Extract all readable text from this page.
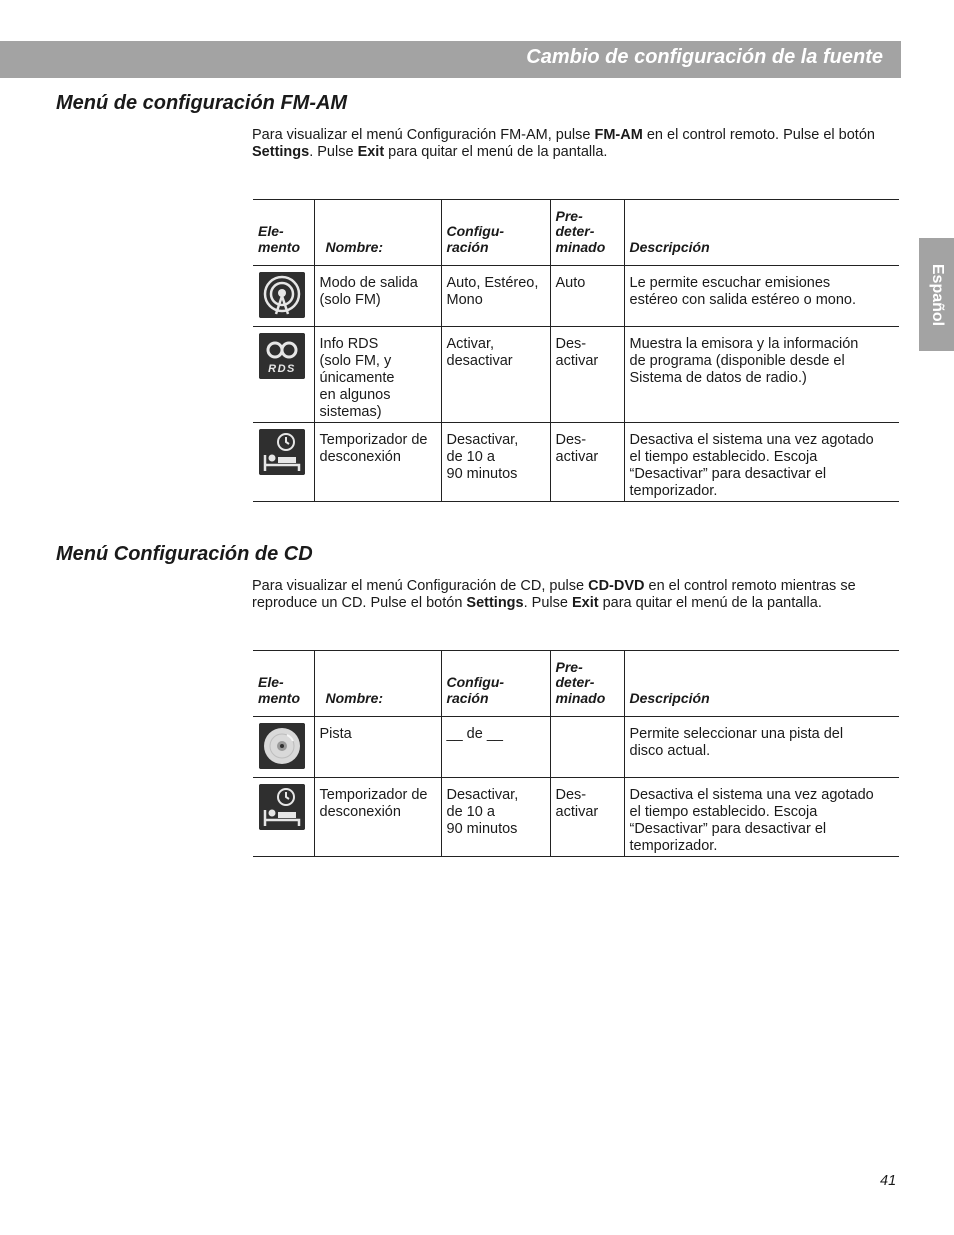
Cambio de configuración de la fuente
Español
Menú de configuración FM-AM

Para visualizar el menú Configuración FM-AM, pulse FM-AM en el control remoto. Pulse el botón Settings. Pulse Exit para quitar el menú de la pantalla.

Ele-
mento	Nombre:	Configu-
ración	Pre-
deter-
minado	Descripción

	Modo de salida
(solo FM)	Auto, Estéreo,
Mono	Auto	Le permite escuchar emisiones
estéreo con salida estéreo o mono.

RDS	Info RDS
(solo FM, y
únicamente
en algunos
sistemas)	Activar,
desactivar	Des-
activar	Muestra la emisora y la información
de programa (disponible desde el
Sistema de datos de radio.)

	Temporizador de
desconexión	Desactivar,
de 10 a
90 minutos	Des-
activar	Desactiva el sistema una vez agotado
el tiempo establecido. Escoja
“Desactivar” para desactivar el
temporizador.
Menú Configuración de CD

Para visualizar el menú Configuración de CD, pulse CD-DVD en el control remoto mientras se reproduce un CD. Pulse el botón Settings. Pulse Exit para quitar el menú de la pantalla.

Ele-
mento	Nombre:	Configu-
ración	Pre-
deter-
minado	Descripción

	Pista	__ de __		Permite seleccionar una pista del
disco actual.

	Temporizador de
desconexión	Desactivar,
de 10 a
90 minutos	Des-
activar	Desactiva el sistema una vez agotado
el tiempo establecido. Escoja
“Desactivar” para desactivar el
temporizador.
41
